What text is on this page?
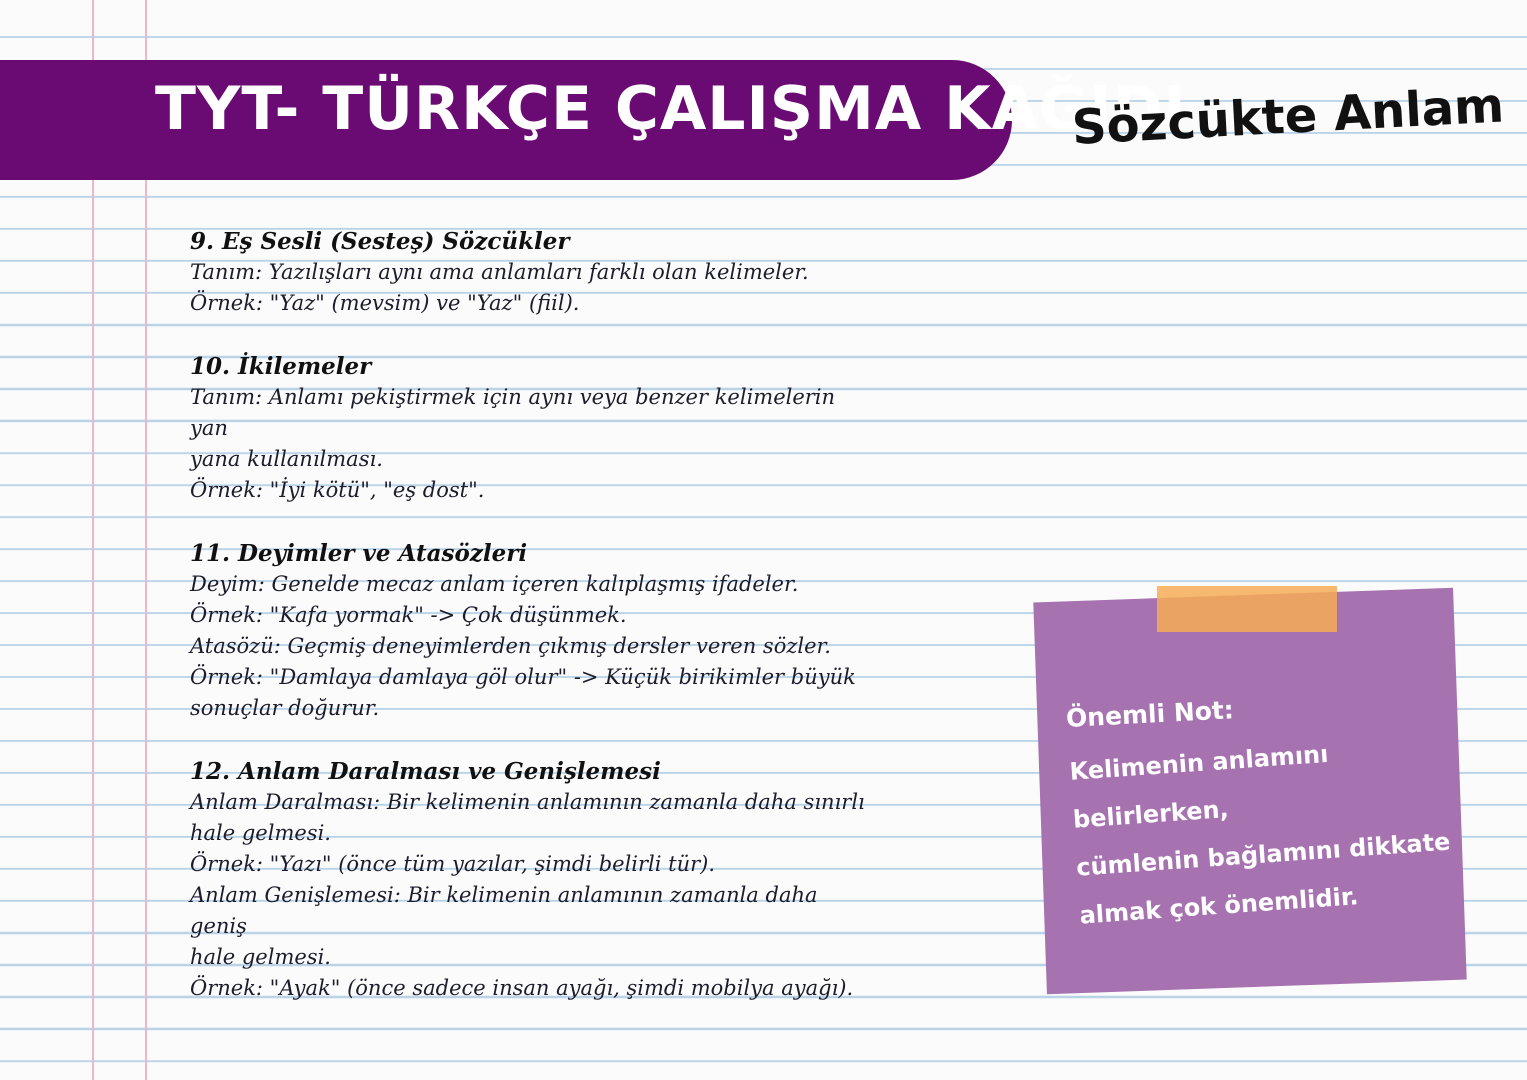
TYT- TÜRKÇE ÇALIŞMA KAĞIDI
Sözcükte Anlam
9. Eş Sesli (Sesteş) Sözcükler

Tanım: Yazılışları aynı ama anlamları farklı olan kelimeler.

Örnek: "Yaz" (mevsim) ve "Yaz" (fiil).

10. İkilemeler

Tanım: Anlamı pekiştirmek için aynı veya benzer kelimelerin yan

yana kullanılması.

Örnek: "İyi kötü", "eş dost".

11. Deyimler ve Atasözleri

Deyim: Genelde mecaz anlam içeren kalıplaşmış ifadeler.

Örnek: "Kafa yormak" -> Çok düşünmek.

Atasözü: Geçmiş deneyimlerden çıkmış dersler veren sözler.

Örnek: "Damlaya damlaya göl olur" -> Küçük birikimler büyük

sonuçlar doğurur.

12. Anlam Daralması ve Genişlemesi

Anlam Daralması: Bir kelimenin anlamının zamanla daha sınırlı

hale gelmesi.

Örnek: "Yazı" (önce tüm yazılar, şimdi belirli tür).

Anlam Genişlemesi: Bir kelimenin anlamının zamanla daha geniş

hale gelmesi.

Örnek: "Ayak" (önce sadece insan ayağı, şimdi mobilya ayağı).

Önemli Not:
Kelimenin anlamını belirlerken,
cümlenin bağlamını dikkate
almak çok önemlidir.
